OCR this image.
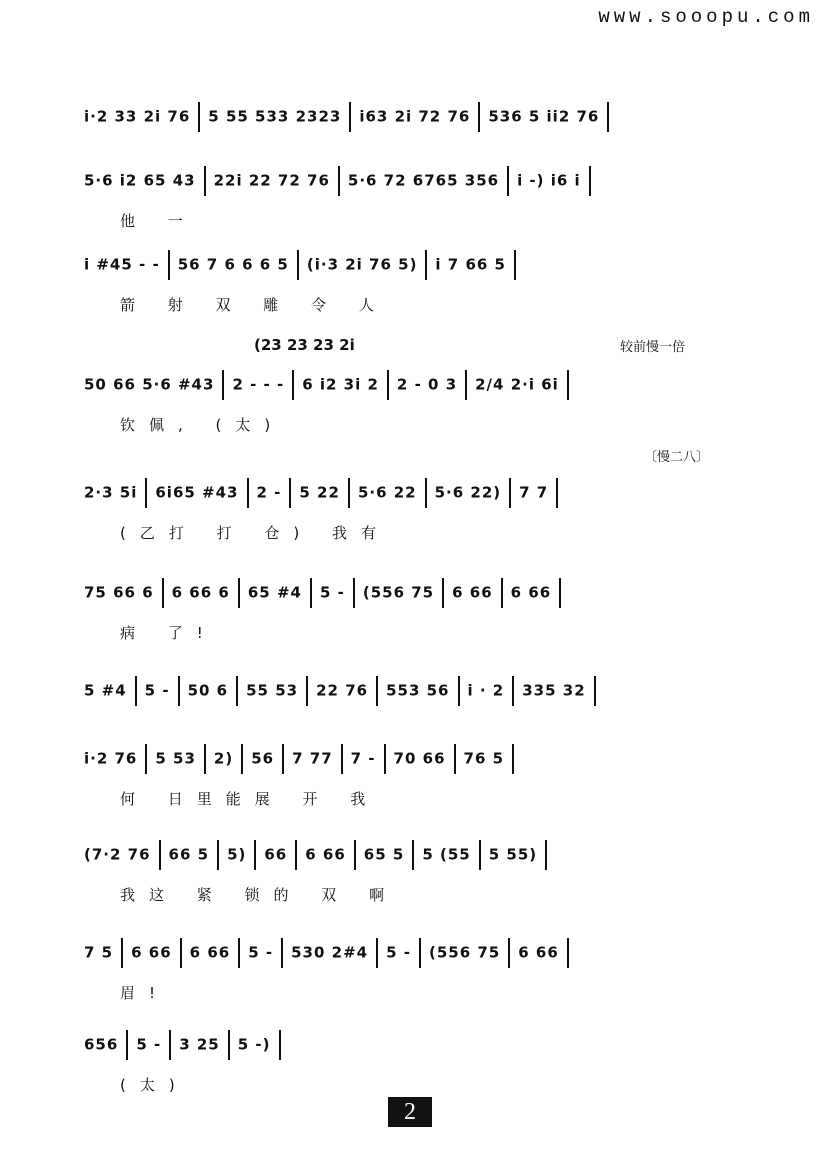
www.sooopu.com
i·2 33 2i 76 5 55 533 2323 i63 2i 72 76 536 5 ii2 76
5·6 i2 65 43 22i 22 72 76 5·6 72 6765 356 i -) i6 i
他 一
i #45 - - 56 7 6 6 6 5 (i·3 2i 76 5) i 7 66 5
箭 射 双 雕 令 人
50 66 5·6 #43 2 - - - 6 i2 3i 2 2 - 0 3 2/4 2·i 6i
钦佩, (太)
(23 23 23 2i	较前慢一倍
2·3 5i 6i65 #43 2 - 5 22 5·6 22 5·6 22) 7 7
(乙打 打 仓) 我有
〔慢二八〕
75 66 6 6 66 6 65 #4 5 - (556 75 6 66 6 66
病 了!
5 #4 5 - 50 6 55 53 22 76 553 56 i · 2 335 32
i·2 76 5 53 2) 56 7 77 7 - 70 66 76 5
何 日里能展 开 我
(7·2 76 66 5 5) 66 6 66 65 5 5 (55 5 55)
我这 紧 锁的 双 啊
7 5 6 66 6 66 5 - 530 2#4 5 - (556 75 6 66
眉!
656 5 - 3 25 5 -)
(太)
2
